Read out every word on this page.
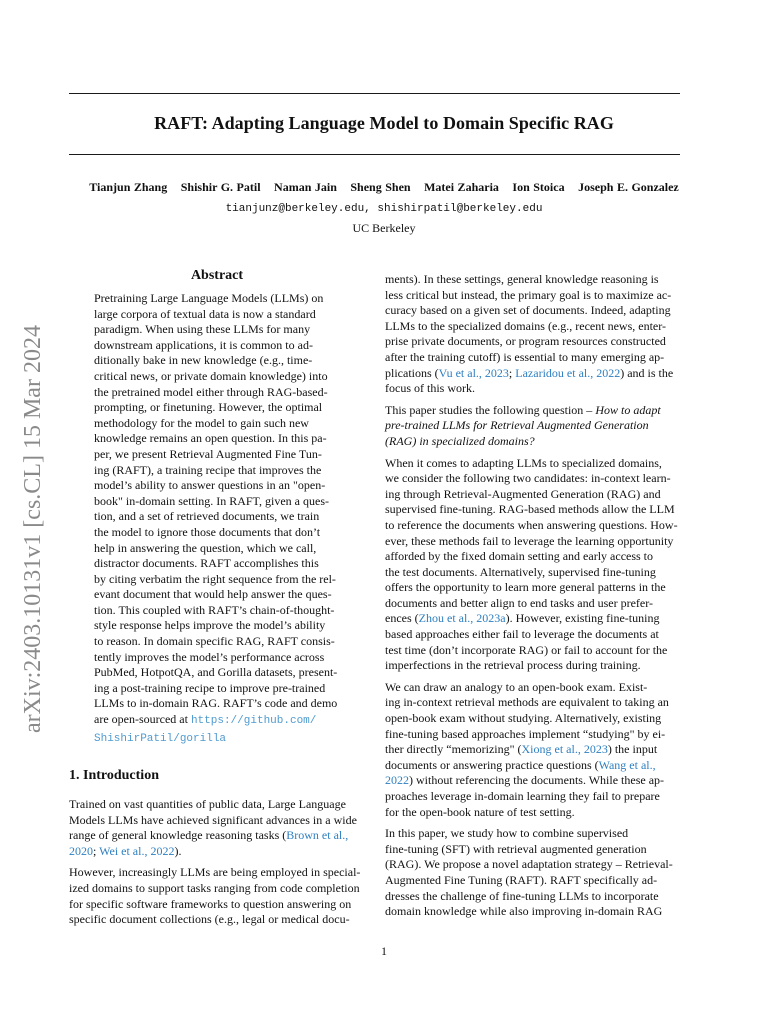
RAFT: Adapting Language Model to Domain Specific RAG
Tianjun Zhang Shishir G. Patil Naman Jain Sheng Shen Matei Zaharia Ion Stoica Joseph E. Gonzalez
tianjunz@berkeley.edu, shishirpatil@berkeley.edu
UC Berkeley
arXiv:2403.10131v1 [cs.CL] 15 Mar 2024
Abstract
Pretraining Large Language Models (LLMs) on
large corpora of textual data is now a standard
paradigm. When using these LLMs for many
downstream applications, it is common to ad-
ditionally bake in new knowledge (e.g., time-
critical news, or private domain knowledge) into
the pretrained model either through RAG-based-
prompting, or finetuning. However, the optimal
methodology for the model to gain such new
knowledge remains an open question. In this pa-
per, we present Retrieval Augmented Fine Tun-
ing (RAFT), a training recipe that improves the
model’s ability to answer questions in an "open-
book" in-domain setting. In RAFT, given a ques-
tion, and a set of retrieved documents, we train
the model to ignore those documents that don’t
help in answering the question, which we call,
distractor documents. RAFT accomplishes this
by citing verbatim the right sequence from the rel-
evant document that would help answer the ques-
tion. This coupled with RAFT’s chain-of-thought-
style response helps improve the model’s ability
to reason. In domain specific RAG, RAFT consis-
tently improves the model’s performance across
PubMed, HotpotQA, and Gorilla datasets, present-
ing a post-training recipe to improve pre-trained
LLMs to in-domain RAG. RAFT’s code and demo
are open-sourced at https://github.com/
ShishirPatil/gorilla
1. Introduction
Trained on vast quantities of public data, Large Language
Models LLMs have achieved significant advances in a wide
range of general knowledge reasoning tasks (Brown et al.,
2020; Wei et al., 2022).
However, increasingly LLMs are being employed in special-
ized domains to support tasks ranging from code completion
for specific software frameworks to question answering on
specific document collections (e.g., legal or medical docu-
ments). In these settings, general knowledge reasoning is
less critical but instead, the primary goal is to maximize ac-
curacy based on a given set of documents. Indeed, adapting
LLMs to the specialized domains (e.g., recent news, enter-
prise private documents, or program resources constructed
after the training cutoff) is essential to many emerging ap-
plications (Vu et al., 2023; Lazaridou et al., 2022) and is the
focus of this work.
This paper studies the following question – How to adapt
pre-trained LLMs for Retrieval Augmented Generation
(RAG) in specialized domains?
When it comes to adapting LLMs to specialized domains,
we consider the following two candidates: in-context learn-
ing through Retrieval-Augmented Generation (RAG) and
supervised fine-tuning. RAG-based methods allow the LLM
to reference the documents when answering questions. How-
ever, these methods fail to leverage the learning opportunity
afforded by the fixed domain setting and early access to
the test documents. Alternatively, supervised fine-tuning
offers the opportunity to learn more general patterns in the
documents and better align to end tasks and user prefer-
ences (Zhou et al., 2023a). However, existing fine-tuning
based approaches either fail to leverage the documents at
test time (don’t incorporate RAG) or fail to account for the
imperfections in the retrieval process during training.
We can draw an analogy to an open-book exam. Exist-
ing in-context retrieval methods are equivalent to taking an
open-book exam without studying. Alternatively, existing
fine-tuning based approaches implement “studying" by ei-
ther directly “memorizing" (Xiong et al., 2023) the input
documents or answering practice questions (Wang et al.,
2022) without referencing the documents. While these ap-
proaches leverage in-domain learning they fail to prepare
for the open-book nature of test setting.
In this paper, we study how to combine supervised
fine-tuning (SFT) with retrieval augmented generation
(RAG). We propose a novel adaptation strategy – Retrieval-
Augmented Fine Tuning (RAFT). RAFT specifically ad-
dresses the challenge of fine-tuning LLMs to incorporate
domain knowledge while also improving in-domain RAG
1
